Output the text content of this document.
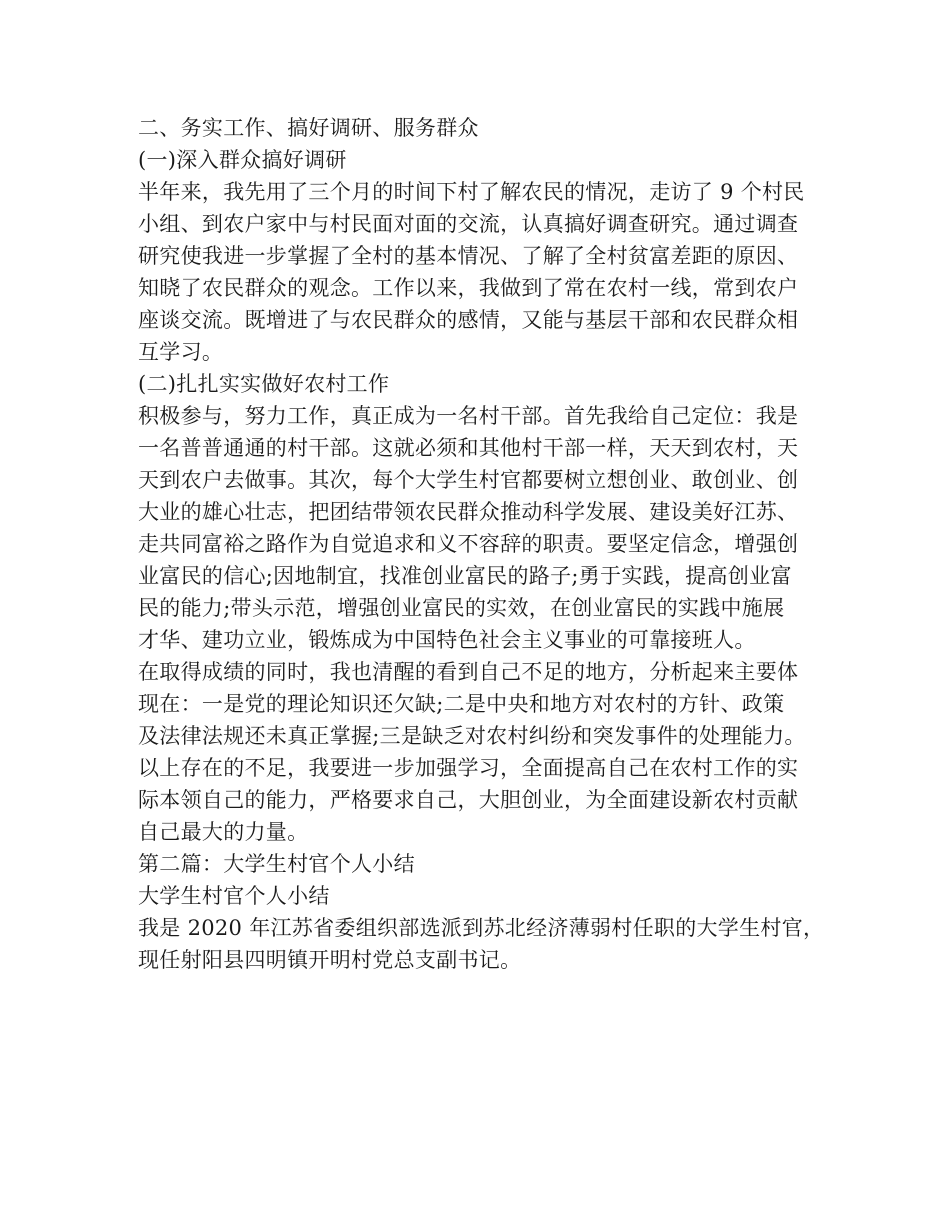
二、务实工作、搞好调研、服务群众
(一)深入群众搞好调研
半年来，我先用了三个月的时间下村了解农民的情况，走访了 9 个村民
小组、到农户家中与村民面对面的交流，认真搞好调查研究。通过调查
研究使我进一步掌握了全村的基本情况、了解了全村贫富差距的原因、
知晓了农民群众的观念。工作以来，我做到了常在农村一线，常到农户
座谈交流。既增进了与农民群众的感情，又能与基层干部和农民群众相
互学习。
(二)扎扎实实做好农村工作
积极参与，努力工作，真正成为一名村干部。首先我给自己定位：我是
一名普普通通的村干部。这就必须和其他村干部一样，天天到农村，天
天到农户去做事。其次，每个大学生村官都要树立想创业、敢创业、创
大业的雄心壮志，把团结带领农民群众推动科学发展、建设美好江苏、
走共同富裕之路作为自觉追求和义不容辞的职责。要坚定信念，增强创
业富民的信心;因地制宜，找准创业富民的路子;勇于实践，提高创业富
民的能力;带头示范，增强创业富民的实效，在创业富民的实践中施展
才华、建功立业，锻炼成为中国特色社会主义事业的可靠接班人。
在取得成绩的同时，我也清醒的看到自己不足的地方，分析起来主要体
现在：一是党的理论知识还欠缺;二是中央和地方对农村的方针、政策
及法律法规还未真正掌握;三是缺乏对农村纠纷和突发事件的处理能力。
以上存在的不足，我要进一步加强学习，全面提高自己在农村工作的实
际本领自己的能力，严格要求自己，大胆创业，为全面建设新农村贡献
自己最大的力量。
第二篇：大学生村官个人小结
大学生村官个人小结
我是 2020 年江苏省委组织部选派到苏北经济薄弱村任职的大学生村官，
现任射阳县四明镇开明村党总支副书记。
